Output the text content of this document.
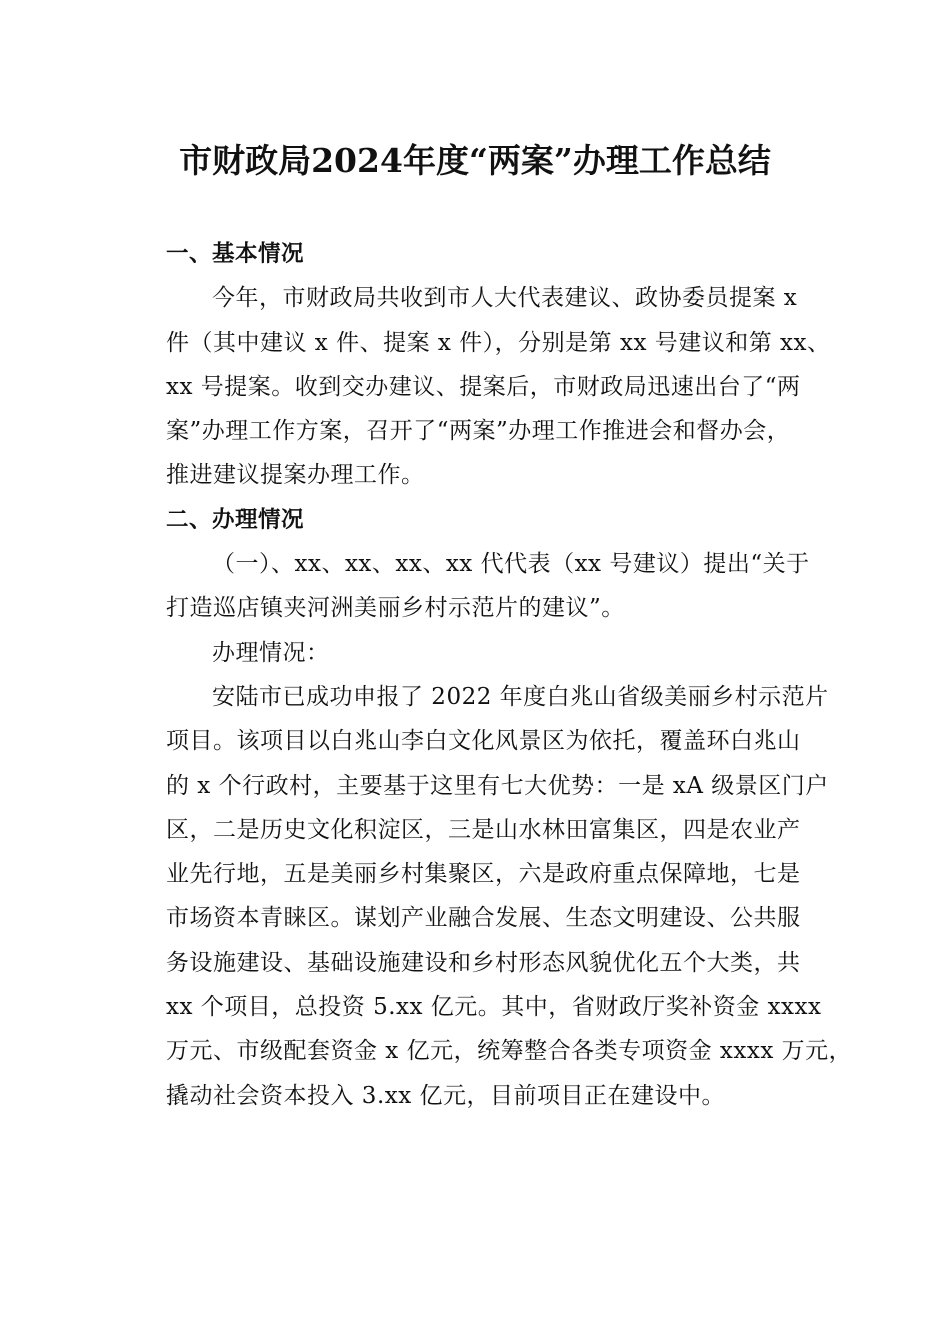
市财政局2024年度“两案”办理工作总结
一、基本情况
今年，市财政局共收到市人大代表建议、政协委员提案 x
件（其中建议 x 件、提案 x 件），分别是第 xx 号建议和第 xx、
xx 号提案。收到交办建议、提案后，市财政局迅速出台了“两
案”办理工作方案，召开了“两案”办理工作推进会和督办会，
推进建议提案办理工作。
二、办理情况
（一）、xx、xx、xx、xx 代代表（xx 号建议）提出“关于
打造巡店镇夹河洲美丽乡村示范片的建议”。
办理情况：
安陆市已成功申报了 2022 年度白兆山省级美丽乡村示范片
项目。该项目以白兆山李白文化风景区为依托，覆盖环白兆山
的 x 个行政村，主要基于这里有七大优势：一是 xA 级景区门户
区，二是历史文化积淀区，三是山水林田富集区，四是农业产
业先行地，五是美丽乡村集聚区，六是政府重点保障地，七是
市场资本青睐区。谋划产业融合发展、生态文明建设、公共服
务设施建设、基础设施建设和乡村形态风貌优化五个大类，共
xx 个项目，总投资 5.xx 亿元。其中，省财政厅奖补资金 xxxx
万元、市级配套资金 x 亿元，统筹整合各类专项资金 xxxx 万元，
撬动社会资本投入 3.xx 亿元，目前项目正在建设中。
